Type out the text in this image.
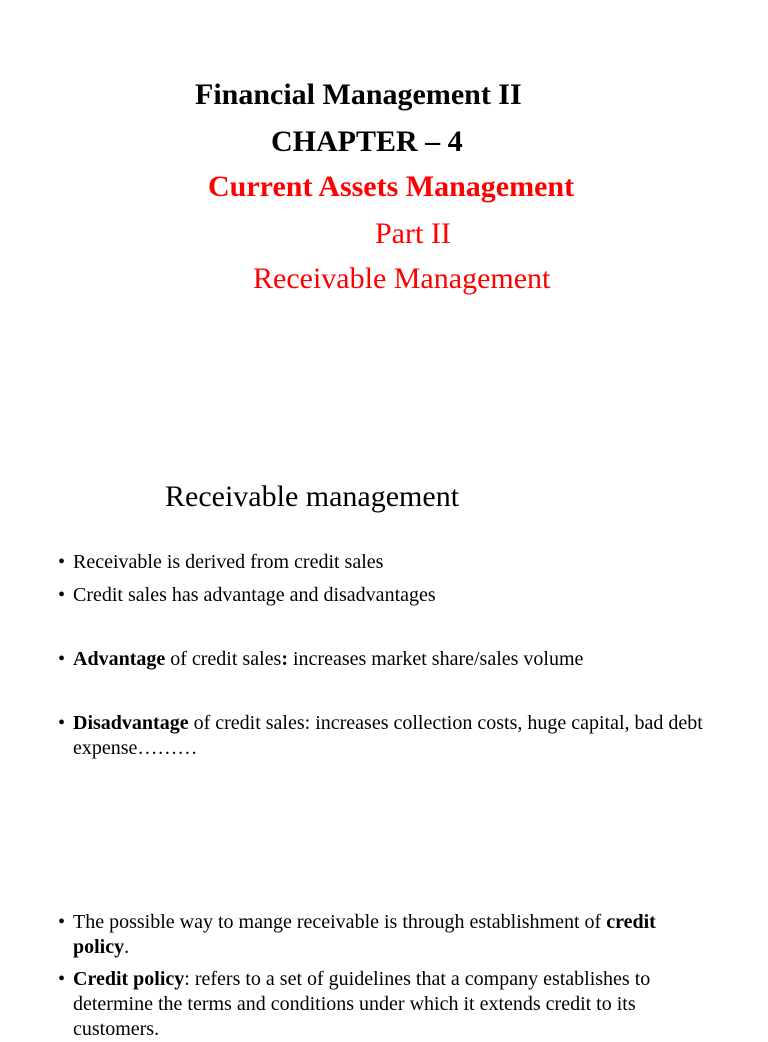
Financial Management II
CHAPTER – 4
Current Assets Management
Part II
Receivable Management
Receivable management
• Receivable is derived from credit sales
• Credit sales has advantage and disadvantages
• Advantage of credit sales: increases market share/sales volume
• Disadvantage of credit sales: increases collection costs, huge capital, bad debt expense………
• The possible way to mange receivable is through establishment of credit policy.
• Credit policy: refers to a set of guidelines that a company establishes to determine the terms and conditions under which it extends credit to its customers.
